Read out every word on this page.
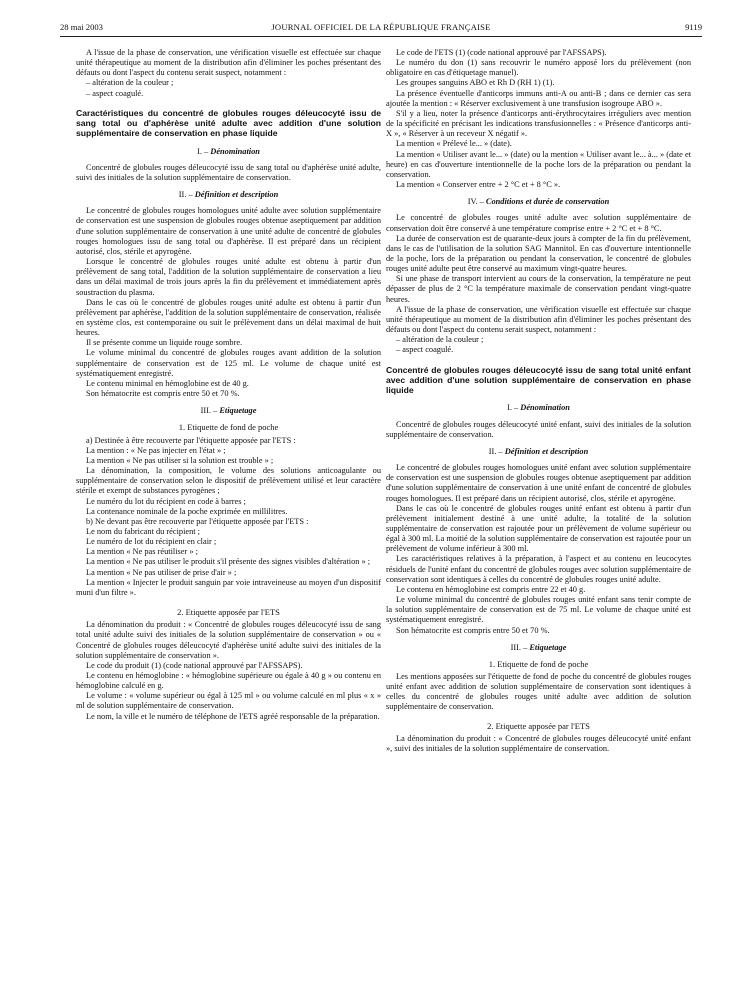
28 mai 2003	JOURNAL OFFICIEL DE LA RÉPUBLIQUE FRANÇAISE	9119

A l'issue de la phase de conservation, une vérification visuelle est effectuée sur chaque unité thérapeutique au moment de la distribution afin d'éliminer les poches présentant des défauts ou dont l'aspect du contenu serait suspect, notamment :

– altération de la couleur ;

– aspect coagulé.

Caractéristiques du concentré de globules rouges déleucocyté issu de sang total ou d'aphérèse unité adulte avec addition d'une solution supplémentaire de conservation en phase liquide
I. – Dénomination

Concentré de globules rouges déleucocyté issu de sang total ou d'aphérèse unité adulte, suivi des initiales de la solution supplémentaire de conservation.

II. – Définition et description

Le concentré de globules rouges homologues unité adulte avec solution supplémentaire de conservation est une suspension de globules rouges obtenue aseptiquement par addition d'une solution supplémentaire de conservation à une unité adulte de concentré de globules rouges homologues issu de sang total ou d'aphérèse. Il est préparé dans un récipient autorisé, clos, stérile et apyrogène.

Lorsque le concentré de globules rouges unité adulte est obtenu à partir d'un prélèvement de sang total, l'addition de la solution supplémentaire de conservation a lieu dans un délai maximal de trois jours après la fin du prélèvement et immédiatement après soustraction du plasma.

Dans le cas où le concentré de globules rouges unité adulte est obtenu à partir d'un prélèvement par aphérèse, l'addition de la solution supplémentaire de conservation, réalisée en système clos, est contemporaine ou suit le prélèvement dans un délai maximal de huit heures.

Il se présente comme un liquide rouge sombre.

Le volume minimal du concentré de globules rouges avant addition de la solution supplémentaire de conservation est de 125 ml. Le volume de chaque unité est systématiquement enregistré.

Le contenu minimal en hémoglobine est de 40 g.

Son hématocrite est compris entre 50 et 70 %.

III. – Etiquetage
1. Etiquette de fond de poche

a) Destinée à être recouverte par l'étiquette apposée par l'ETS :

La mention : « Ne pas injecter en l'état » ;

La mention « Ne pas utiliser si la solution est trouble » ;

La dénomination, la composition, le volume des solutions anticoagulante ou supplémentaire de conservation selon le dispositif de prélèvement utilisé et leur caractère stérile et exempt de substances pyrogènes ;

Le numéro du lot du récipient en code à barres ;

La contenance nominale de la poche exprimée en millilitres.

b) Ne devant pas être recouverte par l'étiquette apposée par l'ETS :

Le nom du fabricant du récipient ;

Le numéro de lot du récipient en clair ;

La mention « Ne pas réutiliser » ;

La mention « Ne pas utiliser le produit s'il présente des signes visibles d'altération » ;

La mention « Ne pas utiliser de prise d'air » ;

La mention « Injecter le produit sanguin par voie intraveineuse au moyen d'un dispositif muni d'un filtre ».

2. Etiquette apposée par l'ETS

La dénomination du produit : « Concentré de globules rouges déleucocyté issu de sang total unité adulte suivi des initiales de la solution supplémentaire de conservation » ou « Concentré de globules rouges déleucocyté d'aphérèse unité adulte suivi des initiales de la solution supplémentaire de conservation ».

Le code du produit (1) (code national approuvé par l'AFSSAPS).

Le contenu en hémoglobine : « hémoglobine supérieure ou égale à 40 g » ou contenu en hémoglobine calculé en g.

Le volume : « volume supérieur ou égal à 125 ml » ou volume calculé en ml plus « x » ml de solution supplémentaire de conservation.

Le nom, la ville et le numéro de téléphone de l'ETS agréé responsable de la préparation.

Le code de l'ETS (1) (code national approuvé par l'AFSSAPS).

Le numéro du don (1) sans recouvrir le numéro apposé lors du prélèvement (non obligatoire en cas d'étiquetage manuel).

Les groupes sanguins ABO et Rh D (RH 1) (1).

La présence éventuelle d'anticorps immuns anti-A ou anti-B ; dans ce dernier cas sera ajoutée la mention : « Réserver exclusivement à une transfusion isogroupe ABO ».

S'il y a lieu, noter la présence d'anticorps anti-érythrocytaires irréguliers avec mention de la spécificité en précisant les indications transfusionnelles : « Présence d'anticorps anti-X », « Réserver à un receveur X négatif ».

La mention « Prélevé le... » (date).

La mention « Utiliser avant le... » (date) ou la mention « Utiliser avant le... à... » (date et heure) en cas d'ouverture intentionnelle de la poche lors de la préparation ou pendant la conservation.

La mention « Conserver entre + 2 °C et + 8 °C ».

IV. – Conditions et durée de conservation

Le concentré de globules rouges unité adulte avec solution supplémentaire de conservation doit être conservé à une température comprise entre + 2 °C et + 8 °C.

La durée de conservation est de quarante-deux jours à compter de la fin du prélèvement, dans le cas de l'utilisation de la solution SAG Mannitol. En cas d'ouverture intentionnelle de la poche, lors de la préparation ou pendant la conservation, le concentré de globules rouges unité adulte peut être conservé au maximum vingt-quatre heures.

Si une phase de transport intervient au cours de la conservation, la température ne peut dépasser de plus de 2 °C la température maximale de conservation pendant vingt-quatre heures.

A l'issue de la phase de conservation, une vérification visuelle est effectuée sur chaque unité thérapeutique au moment de la distribution afin d'éliminer les poches présentant des défauts ou dont l'aspect du contenu serait suspect, notamment :

– altération de la couleur ;

– aspect coagulé.

Concentré de globules rouges déleucocyté issu de sang total unité enfant avec addition d'une solution supplémentaire de conservation en phase liquide
I. – Dénomination

Concentré de globules rouges déleucocyté unité enfant, suivi des initiales de la solution supplémentaire de conservation.

II. – Définition et description

Le concentré de globules rouges homologues unité enfant avec solution supplémentaire de conservation est une suspension de globules rouges obtenue aseptiquement par addition d'une solution supplémentaire de conservation à une unité enfant de concentré de globules rouges homologues. Il est préparé dans un récipient autorisé, clos, stérile et apyrogène.

Dans le cas où le concentré de globules rouges unité enfant est obtenu à partir d'un prélèvement initialement destiné à une unité adulte, la totalité de la solution supplémentaire de conservation est rajoutée pour un prélèvement de volume supérieur ou égal à 300 ml. La moitié de la solution supplémentaire de conservation est rajoutée pour un prélèvement de volume inférieur à 300 ml.

Les caractéristiques relatives à la préparation, à l'aspect et au contenu en leucocytes résiduels de l'unité enfant du concentré de globules rouges avec solution supplémentaire de conservation sont identiques à celles du concentré de globules rouges unité adulte.

Le contenu en hémoglobine est compris entre 22 et 40 g.

Le volume minimal du concentré de globules rouges unité enfant sans tenir compte de la solution supplémentaire de conservation est de 75 ml. Le volume de chaque unité est systématiquement enregistré.

Son hématocrite est compris entre 50 et 70 %.

III. – Etiquetage
1. Etiquette de fond de poche

Les mentions apposées sur l'étiquette de fond de poche du concentré de globules rouges unité enfant avec addition de solution supplémentaire de conservation sont identiques à celles du concentré de globules rouges unité adulte avec addition de solution supplémentaire de conservation.

2. Etiquette apposée par l'ETS

La dénomination du produit : « Concentré de globules rouges déleucocyté unité enfant », suivi des initiales de la solution supplémentaire de conservation.
